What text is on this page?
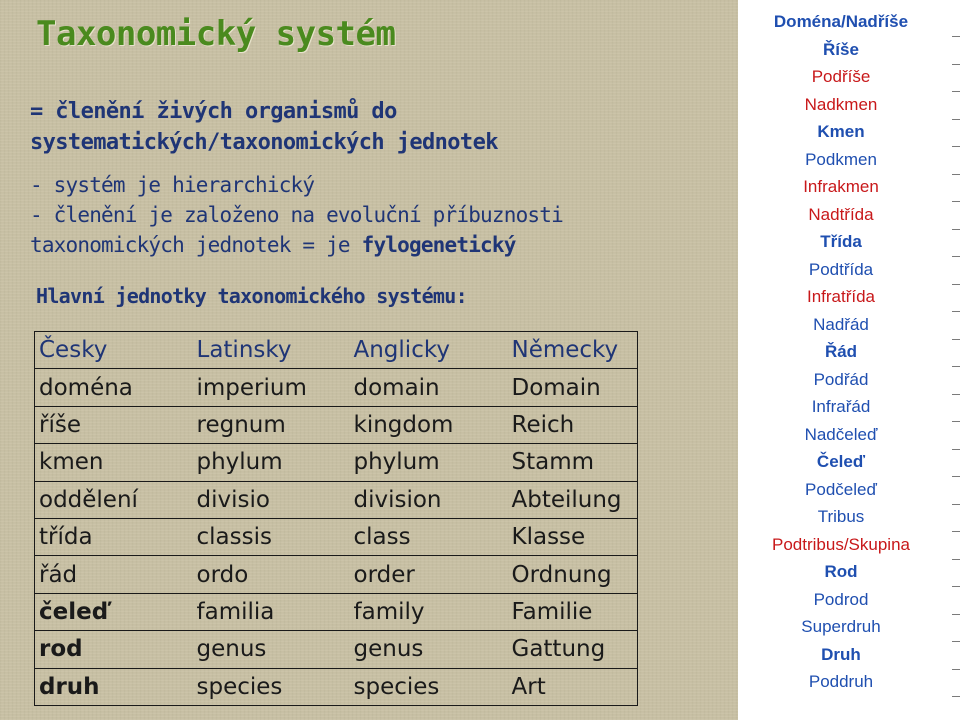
Taxonomický systém
= členění živých organismů do
systematických/taxonomických jednotek
- systém je hierarchický
- členění je založeno na evoluční příbuznosti
taxonomických jednotek = je fylogenetický
Hlavní jednotky taxonomického systému:
Česky	Latinsky	Anglicky	Německy
doména	imperium	domain	Domain
říše	regnum	kingdom	Reich
kmen	phylum	phylum	Stamm
oddělení	divisio	division	Abteilung
třída	classis	class	Klasse
řád	ordo	order	Ordnung
čeleď	familia	family	Familie
rod	genus	genus	Gattung
druh	species	species	Art
Doména/Nadříše
Říše
Podříše
Nadkmen
Kmen
Podkmen
Infrakmen
Nadtřída
Třída
Podtřída
Infratřída
Nadřád
Řád
Podřád
Infrařád
Nadčeleď
Čeleď
Podčeleď
Tribus
Podtribus/Skupina
Rod
Podrod
Superdruh
Druh
Poddruh
